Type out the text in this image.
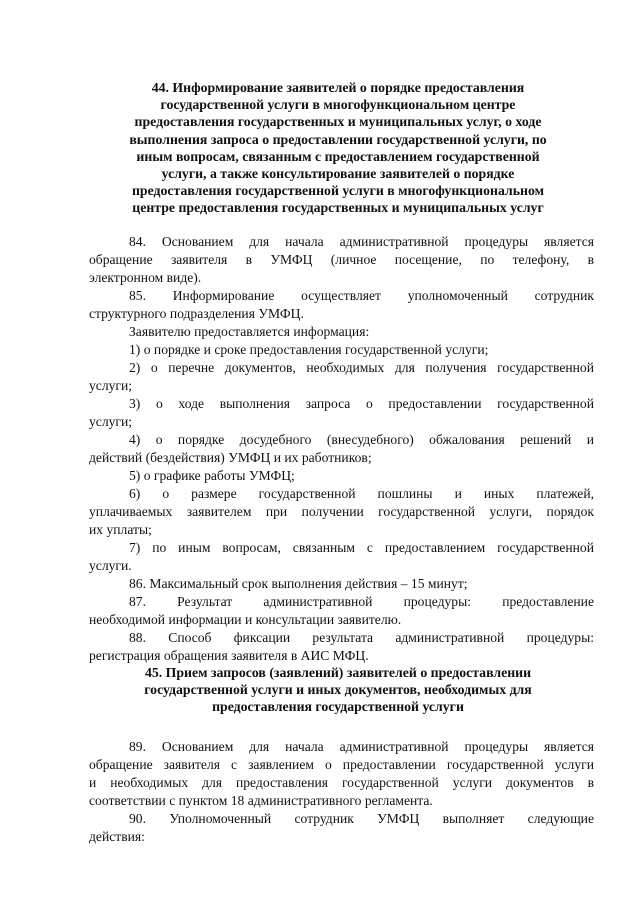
44. Информирование заявителей о порядке предоставления
государственной услуги в многофункциональном центре
предоставления государственных и муниципальных услуг, о ходе
выполнения запроса о предоставлении государственной услуги, по
иным вопросам, связанным с предоставлением государственной
услуги, а также консультирование заявителей о порядке
предоставления государственной услуги в многофункциональном
центре предоставления государственных и муниципальных услуг
84. Основанием для начала административной процедуры является
обращение заявителя в УМФЦ (личное посещение, по телефону, в
электронном виде).
85. Информирование осуществляет уполномоченный сотрудник
структурного подразделения УМФЦ.
Заявителю предоставляется информация:
1) о порядке и сроке предоставления государственной услуги;
2) о перечне документов, необходимых для получения государственной
услуги;
3) о ходе выполнения запроса о предоставлении государственной
услуги;
4) о порядке досудебного (внесудебного) обжалования решений и
действий (бездействия) УМФЦ и их работников;
5) о графике работы УМФЦ;
6) о размере государственной пошлины и иных платежей,
уплачиваемых заявителем при получении государственной услуги, порядок
их уплаты;
7) по иным вопросам, связанным с предоставлением государственной
услуги.
86. Максимальный срок выполнения действия – 15 минут;
87. Результат административной процедуры: предоставление
необходимой информации и консультации заявителю.
88. Способ фиксации результата административной процедуры:
регистрация обращения заявителя в АИС МФЦ.
45. Прием запросов (заявлений) заявителей о предоставлении
государственной услуги и иных документов, необходимых для
предоставления государственной услуги
89. Основанием для начала административной процедуры является
обращение заявителя с заявлением о предоставлении государственной услуги
и необходимых для предоставления государственной услуги документов в
соответствии с пунктом 18 административного регламента.
90. Уполномоченный сотрудник УМФЦ выполняет следующие
действия:
